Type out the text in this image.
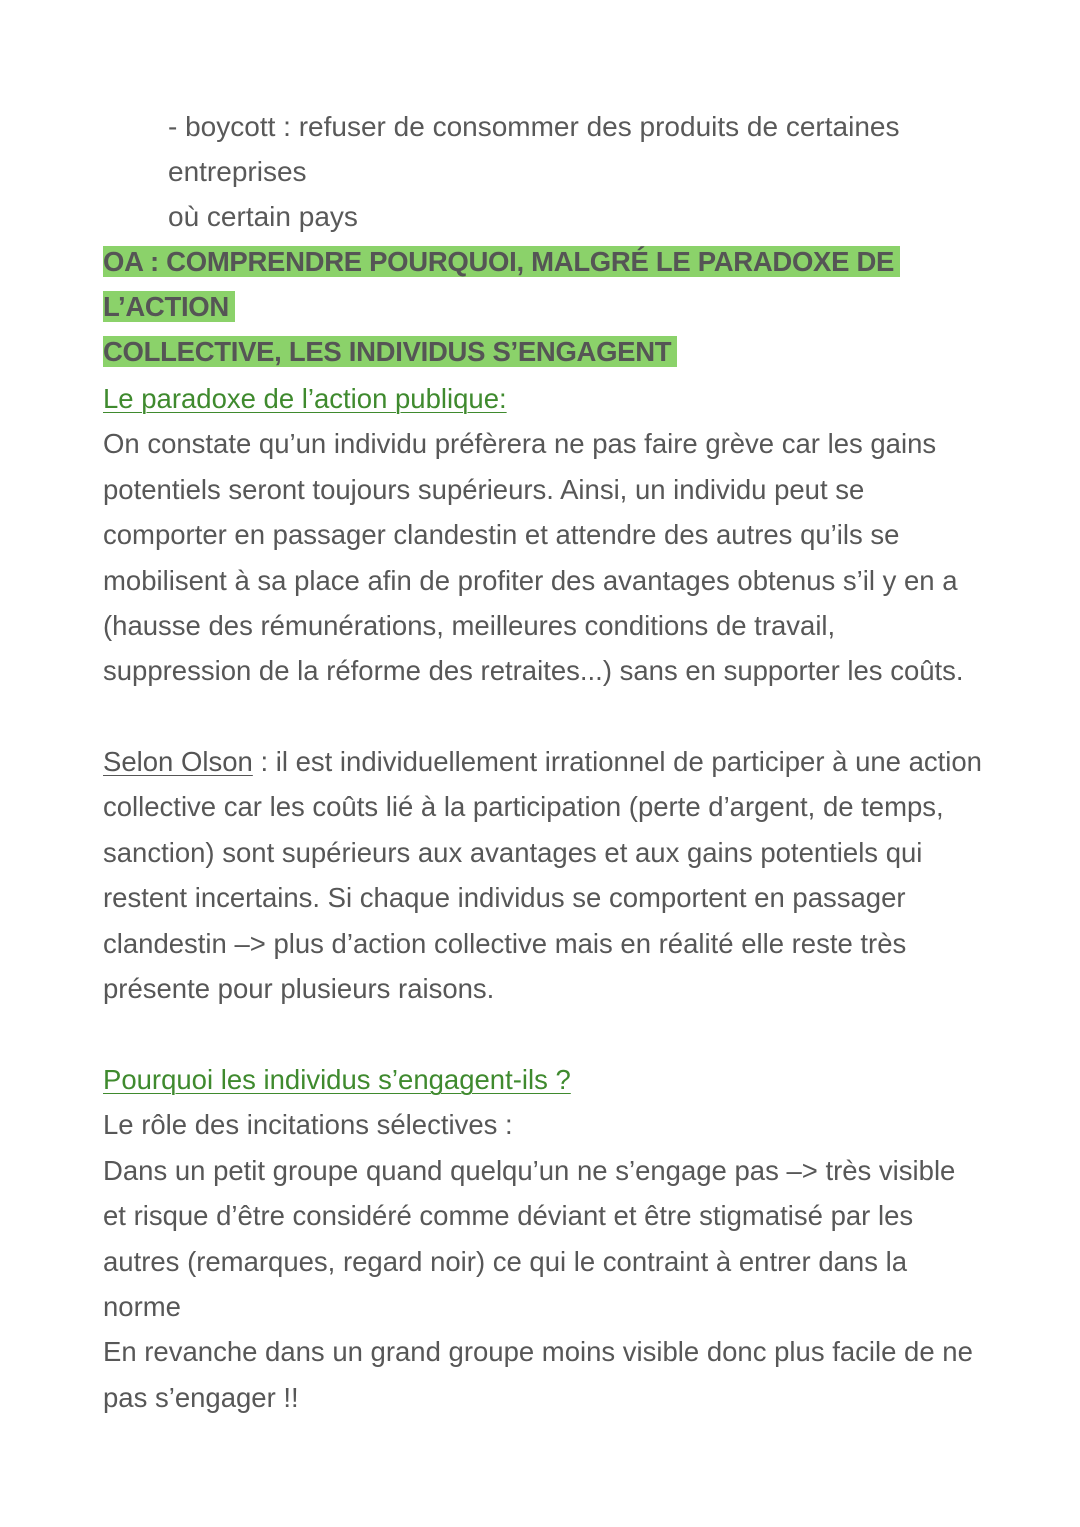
- boycott : refuser de consommer des produits de certaines entreprises

où certain pays

OA : COMPRENDRE POURQUOI, MALGRÉ LE PARADOXE DE L’ACTION
COLLECTIVE, LES INDIVIDUS S’ENGAGENT

Le paradoxe de l’action publique:

On constate qu’un individu préfèrera ne pas faire grève car les gains potentiels seront toujours supérieurs. Ainsi, un individu peut se comporter en passager clandestin et attendre des autres qu’ils se mobilisent à sa place afin de profiter des avantages obtenus s’il y en a (hausse des rémunérations, meilleures conditions de travail, suppression de la réforme des retraites...) sans en supporter les coûts.

Selon Olson : il est individuellement irrationnel de participer à une action collective car les coûts lié à la participation (perte d’argent, de temps, sanction) sont supérieurs aux avantages et aux gains potentiels qui restent incertains. Si chaque individus se comportent en passager clandestin –> plus d’action collective mais en réalité elle reste très présente pour plusieurs raisons.

Pourquoi les individus s’engagent-ils ?

Le rôle des incitations sélectives :

Dans un petit groupe quand quelqu’un ne s’engage pas –> très visible et risque d’être considéré comme déviant et être stigmatisé par les autres (remarques, regard noir) ce qui le contraint à entrer dans la norme

En revanche dans un grand groupe moins visible donc plus facile de ne pas s’engager !!
